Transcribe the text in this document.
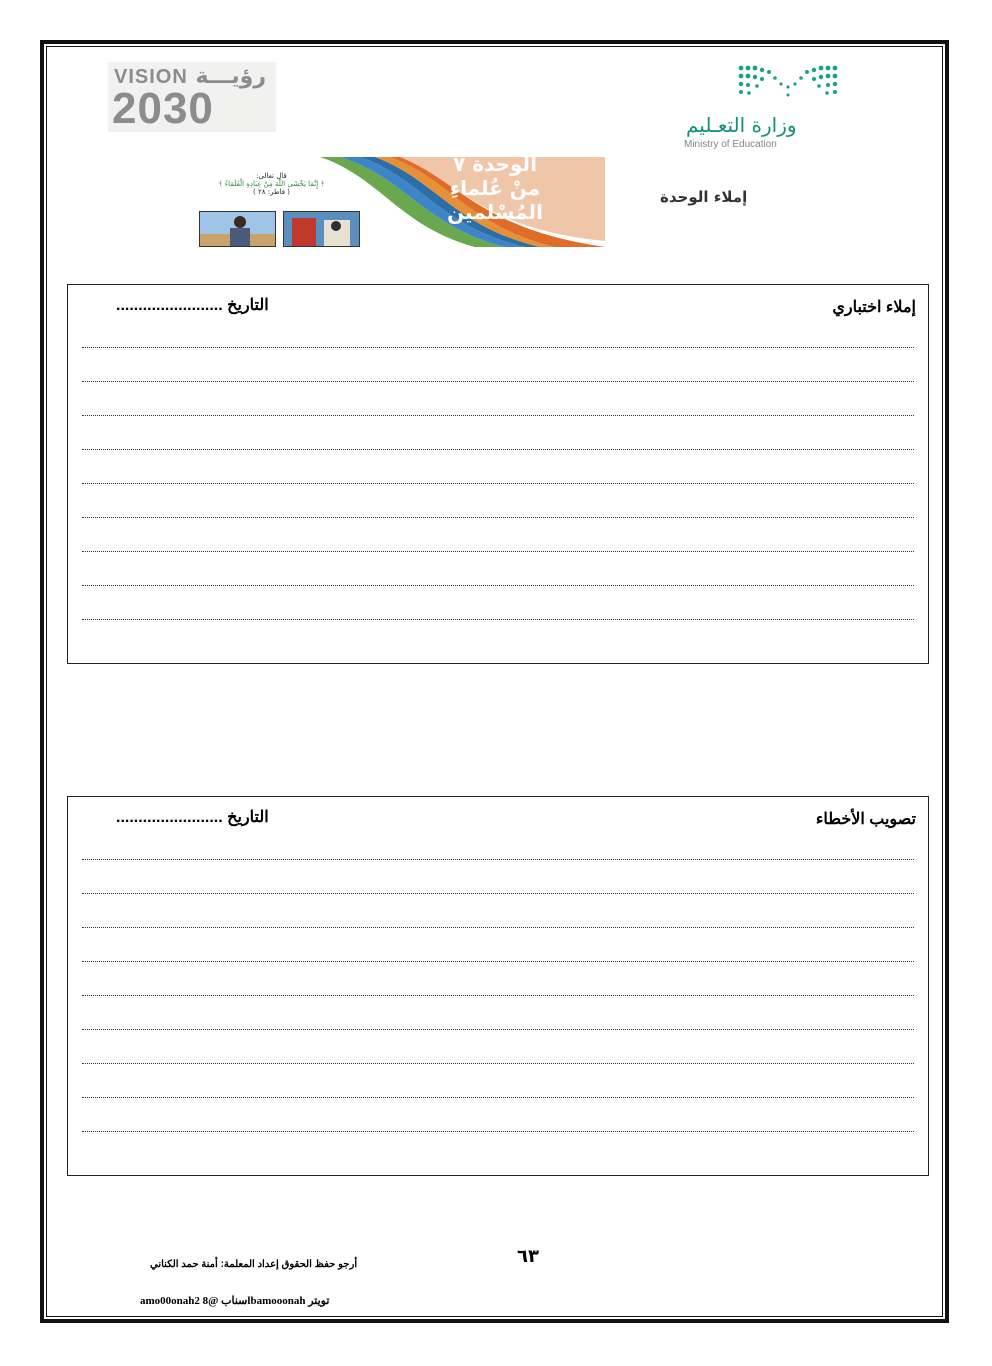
VISION رؤيـــة
2030	وزارة التعـليم
Ministry of Education
الوحدة ٧
منْ عُلماءِ
المُسْلمين
قال تعالى:
﴿ إِنَّمَا يَخْشَى اللَّهَ مِنْ عِبَادِهِ الْعُلَمَاءُ ﴾
( فاطر: ٢٨ )	إملاء الوحدة
إملاء اختباري
التاريخ ........................
تصويب الأخطاء
التاريخ ........................
أرجو حفظ الحقوق إعداد المعلمة: أمنة حمد الكناني	٦٣
amo00onah2 سناب @8lbamooonah تويتر
